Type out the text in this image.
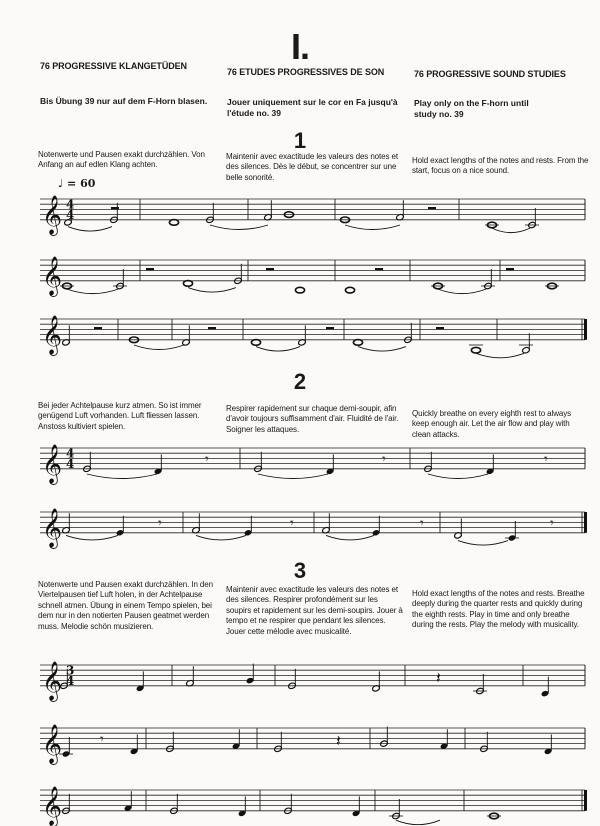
I.
76 PROGRESSIVE KLANGETÜDEN
76 ETUDES PROGRESSIVES DE SON	76 PROGRESSIVE SOUND STUDIES
Bis Übung 39 nur auf dem F-Horn blasen.	Jouer uniquement sur le cor en Fa jusqu'à l'étude no. 39
Play only on the F-horn until study no. 39
1
Notenwerte und Pausen exakt durchzählen. Von Anfang an auf edlen Klang achten.
Maintenir avec exactitude les valeurs des notes et des silences. Dès le début, se concentrer sur une belle sonorité.
Hold exact lengths of the notes and rests. From the start, focus on a nice sound.
♩ = 60
2
Bei jeder Achtelpause kurz atmen. So ist immer genügend Luft vorhanden. Luft fliessen lassen. Anstoss kultiviert spielen.
Respirer rapidement sur chaque demi-soupir, afin d'avoir toujours suffisamment d'air. Fluidité de l'air. Soigner les attaques.
Quickly breathe on every eighth rest to always keep enough air. Let the air flow and play with clean attacks.
3
Notenwerte und Pausen exakt durchzählen. In den Viertelpausen tief Luft holen, in der Achtelpause schnell atmen. Übung in einem Tempo spielen, bei dem nur in den notierten Pausen geatmet werden muss. Melodie schön musizieren.
Maintenir avec exactitude les valeurs des notes et des silences. Respirer profondément sur les soupirs et rapidement sur les demi-soupirs. Jouer à tempo et ne respirer que pendant les silences. Jouer cette mélodie avec musicalité.
Hold exact lengths of the notes and rests. Breathe deeply during the quarter rests and quickly during the eighth rests. Play in time and only breathe during the rests. Play the melody with musicality.
𝄞 4
4
𝄞
𝄞
𝄞 4
4	𝄾	𝄾	𝄾
𝄞	𝄾	𝄾	𝄾	𝄾
𝄞 3
4	𝄽
𝄞	𝄾	𝄽
𝄞
